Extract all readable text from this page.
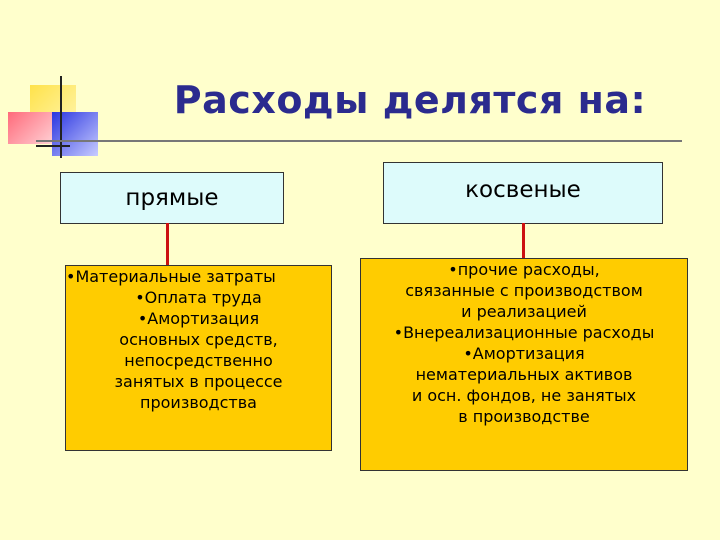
Расходы делятся на:
прямые	косвеные
•Материальные затраты
•Оплата труда
•Амортизация
основных средств,
непосредственно
занятых в процессе
производства
•прочие расходы,
связанные с производством
и реализацией
•Внереализационные расходы
•Амортизация
нематериальных активов
и осн. фондов, не занятых
в производстве
